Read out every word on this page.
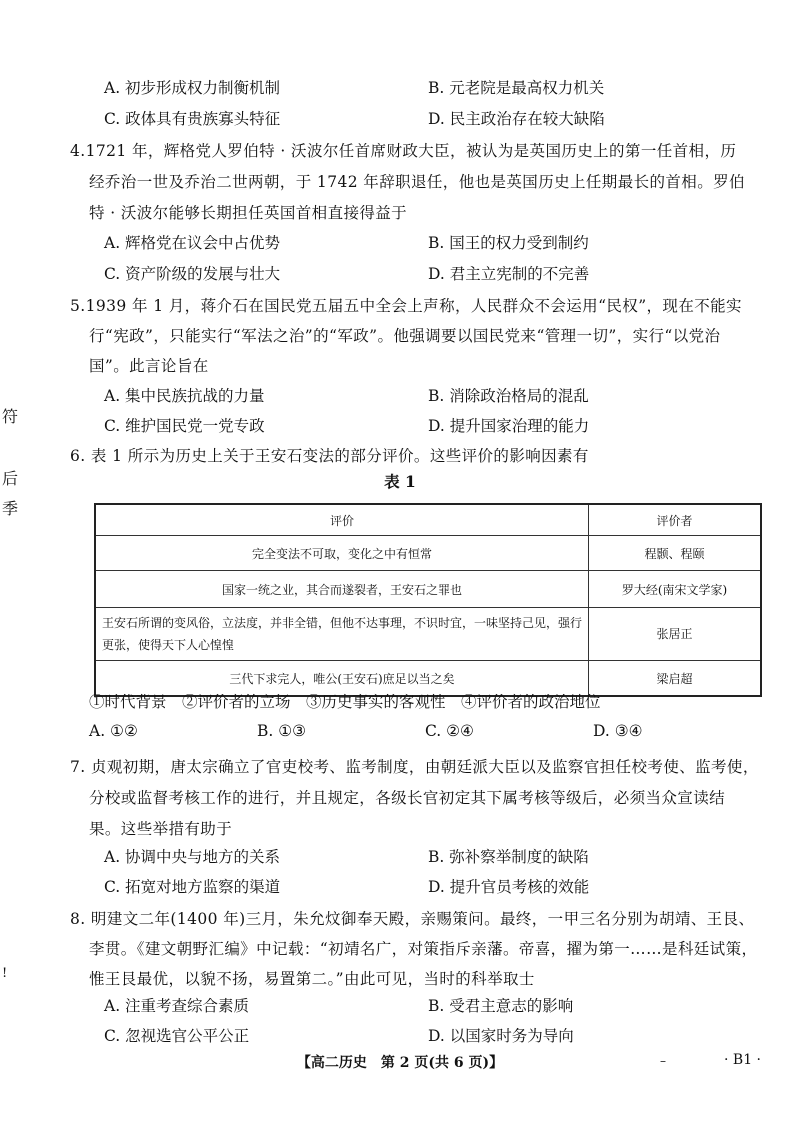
符
后
季
!
A. 初步形成权力制衡机制	B. 元老院是最高权力机关
C. 政体具有贵族寡头特征	D. 民主政治存在较大缺陷
4.1721 年，辉格党人罗伯特 · 沃波尔任首席财政大臣，被认为是英国历史上的第一任首相，历
经乔治一世及乔治二世两朝，于 1742 年辞职退任，他也是英国历史上任期最长的首相。罗伯
特 · 沃波尔能够长期担任英国首相直接得益于
A. 辉格党在议会中占优势	B. 国王的权力受到制约
C. 资产阶级的发展与壮大	D. 君主立宪制的不完善
5.1939 年 1 月，蒋介石在国民党五届五中全会上声称，人民群众不会运用“民权”，现在不能实
行“宪政”，只能实行“军法之治”的“军政”。他强调要以国民党来“管理一切”，实行“以党治
国”。此言论旨在
A. 集中民族抗战的力量	B. 消除政治格局的混乱
C. 维护国民党一党专政	D. 提升国家治理的能力
6. 表 1 所示为历史上关于王安石变法的部分评价。这些评价的影响因素有
表 1
评价	评价者
完全变法不可取，变化之中有恒常	程颢、程颐
国家一统之业，其合而遂裂者，王安石之罪也	罗大经(南宋文学家)
王安石所谓的变风俗，立法度，并非全错，但他不达事理，不识时宜，一味坚持己见，强行更张，使得天下人心惶惶	张居正
三代下求完人，唯公(王安石)庶足以当之矣	梁启超
①时代背景　②评价者的立场　③历史事实的客观性　④评价者的政治地位
A. ①②	B. ①③	C. ②④	D. ③④
7. 贞观初期，唐太宗确立了官吏校考、监考制度，由朝廷派大臣以及监察官担任校考使、监考使，
分校或监督考核工作的进行，并且规定，各级长官初定其下属考核等级后，必须当众宣读结
果。这些举措有助于
A. 协调中央与地方的关系	B. 弥补察举制度的缺陷
C. 拓宽对地方监察的渠道	D. 提升官员考核的效能
8. 明建文二年(1400 年)三月，朱允炆御奉天殿，亲赐策问。最终，一甲三名分别为胡靖、王艮、
李贯。《建文朝野汇编》中记载：“初靖名广，对策指斥亲藩。帝喜，擢为第一……是科廷试策，
惟王艮最优，以貌不扬，易置第二。”由此可见，当时的科举取士
A. 注重考查综合素质	B. 受君主意志的影响
C. 忽视选官公平公正	D. 以国家时务为导向
【高二历史　第 2 页(共 6 页)】	–	· B1 ·
